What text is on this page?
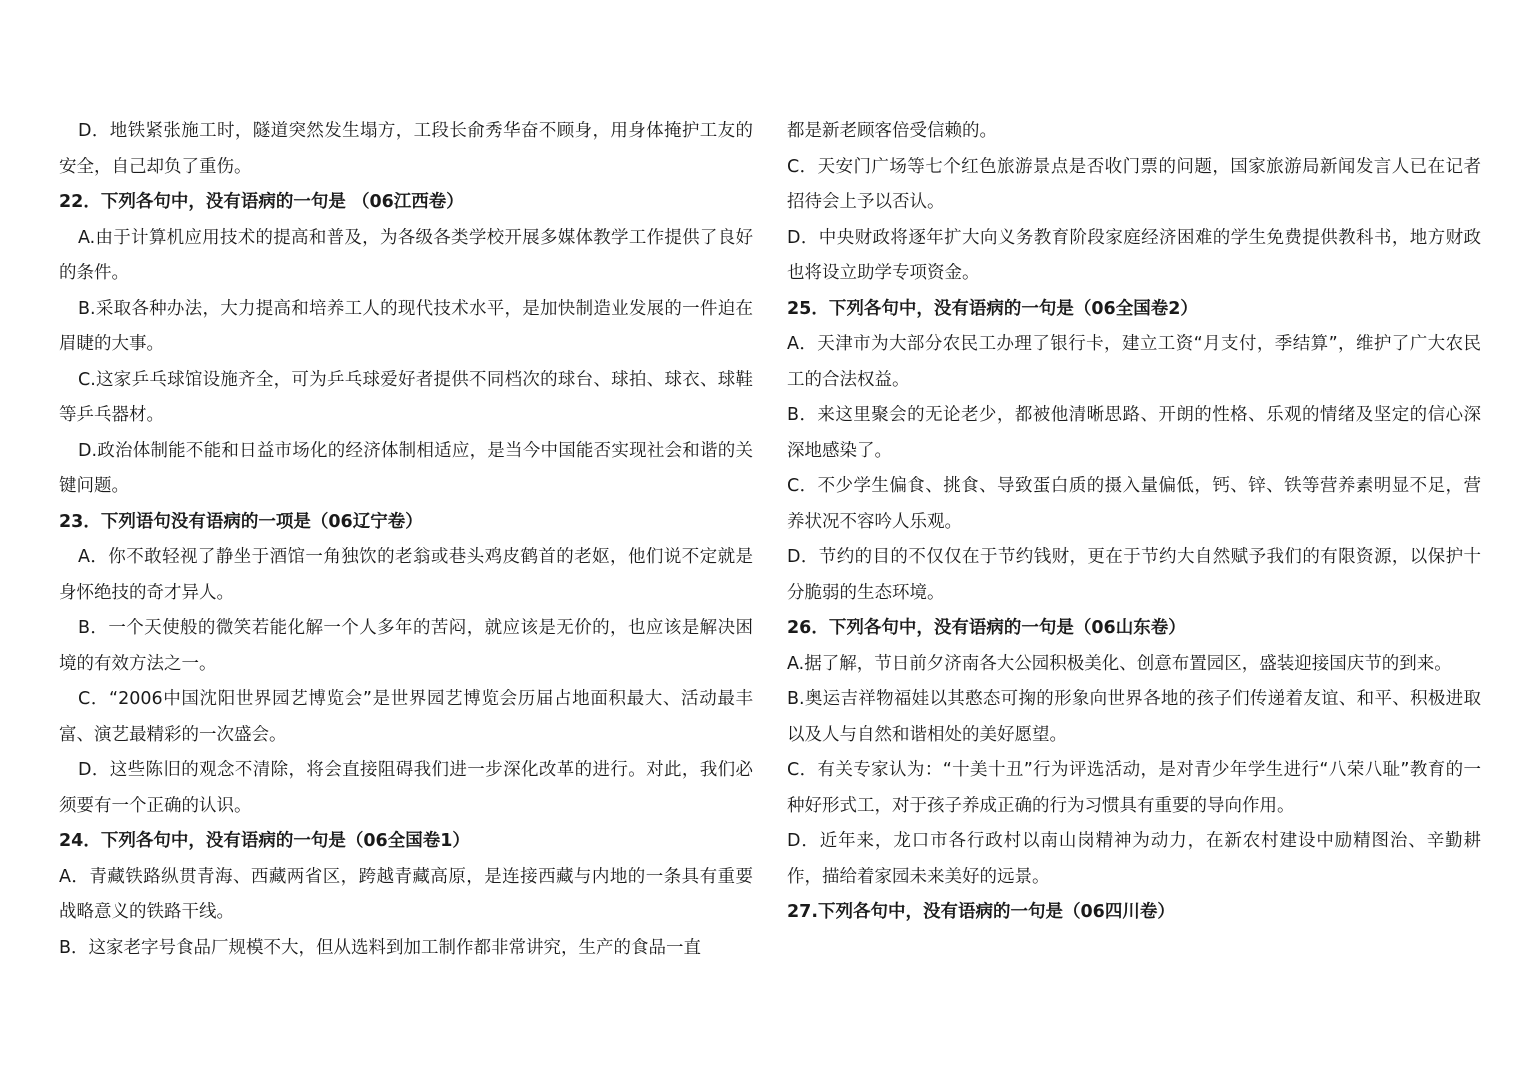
D．地铁紧张施工时，隧道突然发生塌方，工段长俞秀华奋不顾身，用身体掩护工友的安全，自己却负了重伤。

22．下列各句中，没有语病的一句是 （06江西卷）

A.由于计算机应用技术的提高和普及，为各级各类学校开展多媒体教学工作提供了良好的条件。

B.采取各种办法，大力提高和培养工人的现代技术水平，是加快制造业发展的一件迫在眉睫的大事。

C.这家乒乓球馆设施齐全，可为乒乓球爱好者提供不同档次的球台、球拍、球衣、球鞋等乒乓器材。

D.政治体制能不能和日益市场化的经济体制相适应，是当今中国能否实现社会和谐的关键问题。

23．下列语句没有语病的一项是（06辽宁卷）

A．你不敢轻视了静坐于酒馆一角独饮的老翁或巷头鸡皮鹤首的老妪，他们说不定就是身怀绝技的奇才异人。

B．一个天使般的微笑若能化解一个人多年的苦闷，就应该是无价的，也应该是解决困境的有效方法之一。

C．“2006中国沈阳世界园艺博览会”是世界园艺博览会历届占地面积最大、活动最丰富、演艺最精彩的一次盛会。

D．这些陈旧的观念不清除，将会直接阻碍我们进一步深化改革的进行。对此，我们必须要有一个正确的认识。

24．下列各句中，没有语病的一句是（06全国卷1）

A．青藏铁路纵贯青海、西藏两省区，跨越青藏高原，是连接西藏与内地的一条具有重要战略意义的铁路干线。

B．这家老字号食品厂规模不大，但从选料到加工制作都非常讲究，生产的食品一直

都是新老顾客倍受信赖的。

C．天安门广场等七个红色旅游景点是否收门票的问题，国家旅游局新闻发言人已在记者招待会上予以否认。

D．中央财政将逐年扩大向义务教育阶段家庭经济困难的学生免费提供教科书，地方财政也将设立助学专项资金。

25．下列各句中，没有语病的一句是（06全国卷2）

A．天津市为大部分农民工办理了银行卡，建立工资“月支付，季结算”，维护了广大农民工的合法权益。

B．来这里聚会的无论老少，都被他清晰思路、开朗的性格、乐观的情绪及坚定的信心深深地感染了。

C．不少学生偏食、挑食、导致蛋白质的摄入量偏低，钙、锌、铁等营养素明显不足，营养状况不容吟人乐观。

D．节约的目的不仅仅在于节约钱财，更在于节约大自然赋予我们的有限资源，以保护十分脆弱的生态环境。

26．下列各句中，没有语病的一句是（06山东卷）

A.据了解，节日前夕济南各大公园积极美化、创意布置园区，盛装迎接国庆节的到来。

B.奥运吉祥物福娃以其憨态可掬的形象向世界各地的孩子们传递着友谊、和平、积极进取以及人与自然和谐相处的美好愿望。

C．有关专家认为：“十美十丑”行为评选活动，是对青少年学生进行“八荣八耻”教育的一种好形式工，对于孩子养成正确的行为习惯具有重要的导向作用。

D．近年来，龙口市各行政村以南山岗精神为动力，在新农村建设中励精图治、辛勤耕作，描给着家园未来美好的远景。

27.下列各句中，没有语病的一句是（06四川卷）
